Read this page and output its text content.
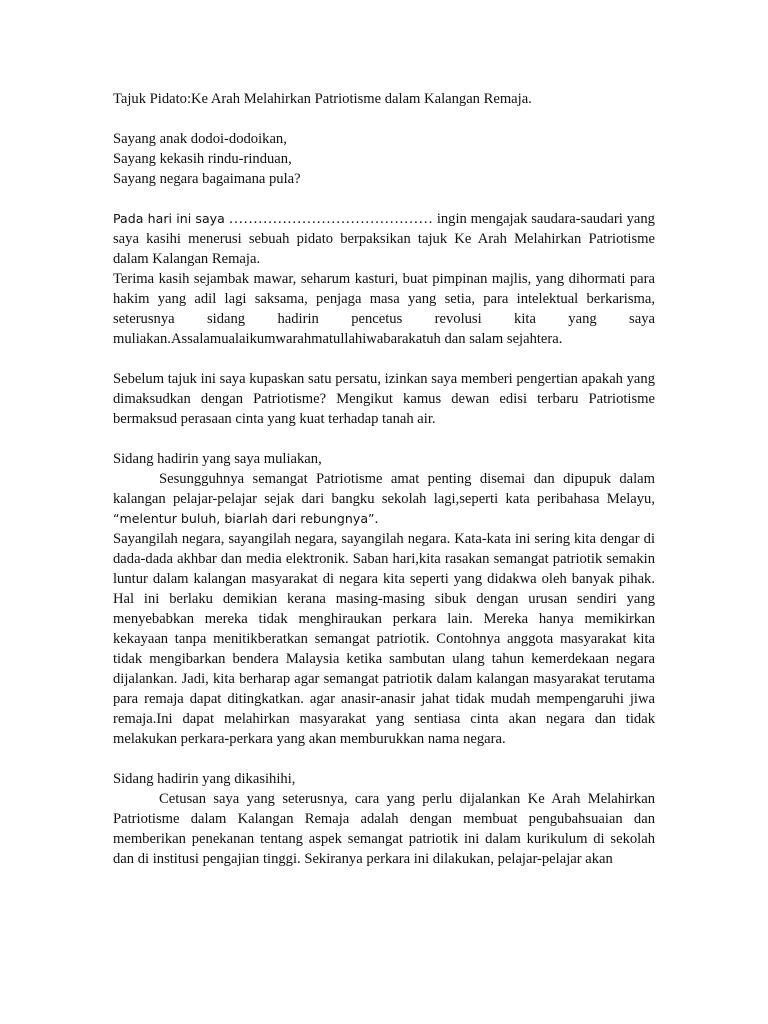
Tajuk Pidato:Ke Arah Melahirkan Patriotisme dalam Kalangan Remaja.

Sayang anak dodoi-dodoikan,

Sayang kekasih rindu-rinduan,

Sayang negara bagaimana pula?

Pada hari ini saya …………………………………… ingin mengajak saudara-saudari yang saya kasihi menerusi sebuah pidato berpaksikan tajuk Ke Arah Melahirkan Patriotisme dalam Kalangan Remaja.

Terima kasih sejambak mawar, seharum kasturi, buat pimpinan majlis, yang dihormati para hakim yang adil lagi saksama, penjaga masa yang setia, para intelektual berkarisma, seterusnya sidang hadirin pencetus revolusi kita yang saya muliakan.Assalamualaikumwarahmatullahiwabarakatuh dan salam sejahtera.

Sebelum tajuk ini saya kupaskan satu persatu, izinkan saya memberi pengertian apakah yang dimaksudkan dengan Patriotisme? Mengikut kamus dewan edisi terbaru Patriotisme bermaksud perasaan cinta yang kuat terhadap tanah air.

Sidang hadirin yang saya muliakan,

Sesungguhnya semangat Patriotisme amat penting disemai dan dipupuk dalam kalangan pelajar-pelajar sejak dari bangku sekolah lagi,seperti kata peribahasa Melayu, “melentur buluh, biarlah dari rebungnya”.

Sayangilah negara, sayangilah negara, sayangilah negara. Kata-kata ini sering kita dengar di dada-dada akhbar dan media elektronik. Saban hari,kita rasakan semangat patriotik semakin luntur dalam kalangan masyarakat di negara kita seperti yang didakwa oleh banyak pihak. Hal ini berlaku demikian kerana masing-masing sibuk dengan urusan sendiri yang menyebabkan mereka tidak menghiraukan perkara lain. Mereka hanya memikirkan kekayaan tanpa menitikberatkan semangat patriotik. Contohnya anggota masyarakat kita tidak mengibarkan bendera Malaysia ketika sambutan ulang tahun kemerdekaan negara dijalankan. Jadi, kita berharap agar semangat patriotik dalam kalangan masyarakat terutama para remaja dapat ditingkatkan. agar anasir-anasir jahat tidak mudah mempengaruhi jiwa remaja.Ini dapat melahirkan masyarakat yang sentiasa cinta akan negara dan tidak melakukan perkara-perkara yang akan memburukkan nama negara.

Sidang hadirin yang dikasihihi,

Cetusan saya yang seterusnya, cara yang perlu dijalankan Ke Arah Melahirkan Patriotisme dalam Kalangan Remaja adalah dengan membuat pengubahsuaian dan memberikan penekanan tentang aspek semangat patriotik ini dalam kurikulum di sekolah dan di institusi pengajian tinggi. Sekiranya perkara ini dilakukan, pelajar-pelajar akan
